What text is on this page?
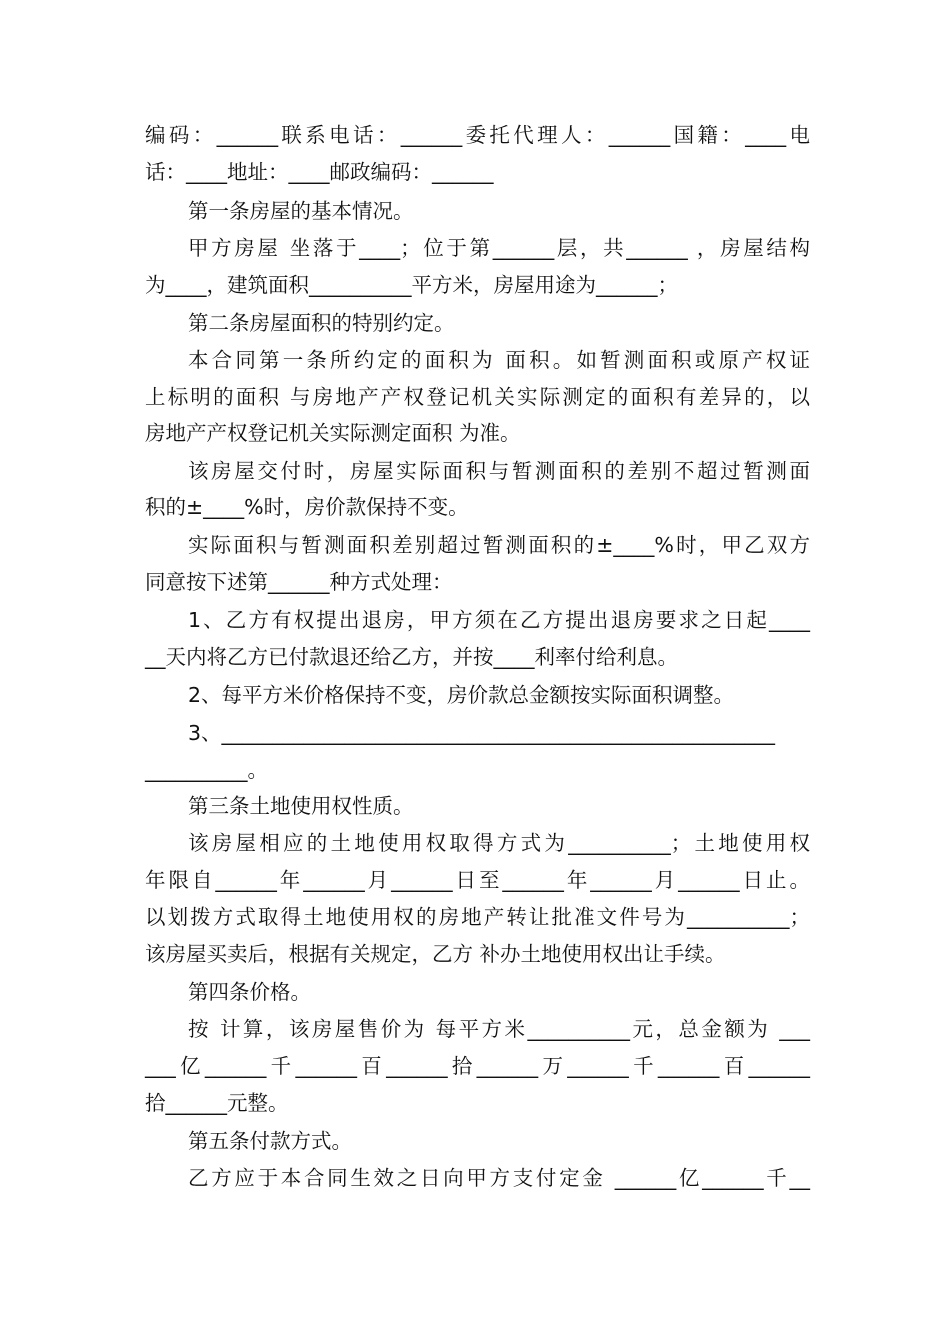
编码：______联系电话：______委托代理人：______国籍：____电
话：____地址：____邮政编码：______
第一条房屋的基本情况。
甲方房屋 坐落于____；位于第______层，共______ ，房屋结构
为____，建筑面积__________平方米，房屋用途为______；
第二条房屋面积的特别约定。
本合同第一条所约定的面积为 面积。如暂测面积或原产权证
上标明的面积 与房地产产权登记机关实际测定的面积有差异的，以
房地产产权登记机关实际测定面积 为准。
该房屋交付时，房屋实际面积与暂测面积的差别不超过暂测面
积的±____%时，房价款保持不变。
实际面积与暂测面积差别超过暂测面积的±____%时，甲乙双方
同意按下述第______种方式处理：
1、乙方有权提出退房，甲方须在乙方提出退房要求之日起____
__天内将乙方已付款退还给乙方，并按____利率付给利息。
2、每平方米价格保持不变，房价款总金额按实际面积调整。
3、______________________________________________________
__________。
第三条土地使用权性质。
该房屋相应的土地使用权取得方式为__________；土地使用权
年限自______年______月______日至______年______月______日止。
以划拨方式取得土地使用权的房地产转让批准文件号为__________；
该房屋买卖后，根据有关规定，乙方 补办土地使用权出让手续。
第四条价格。
按 计算，该房屋售价为 每平方米__________元，总金额为 ___
___亿______千______百______拾______万______千______百______
拾______元整。
第五条付款方式。
乙方应于本合同生效之日向甲方支付定金 ______亿______千__
